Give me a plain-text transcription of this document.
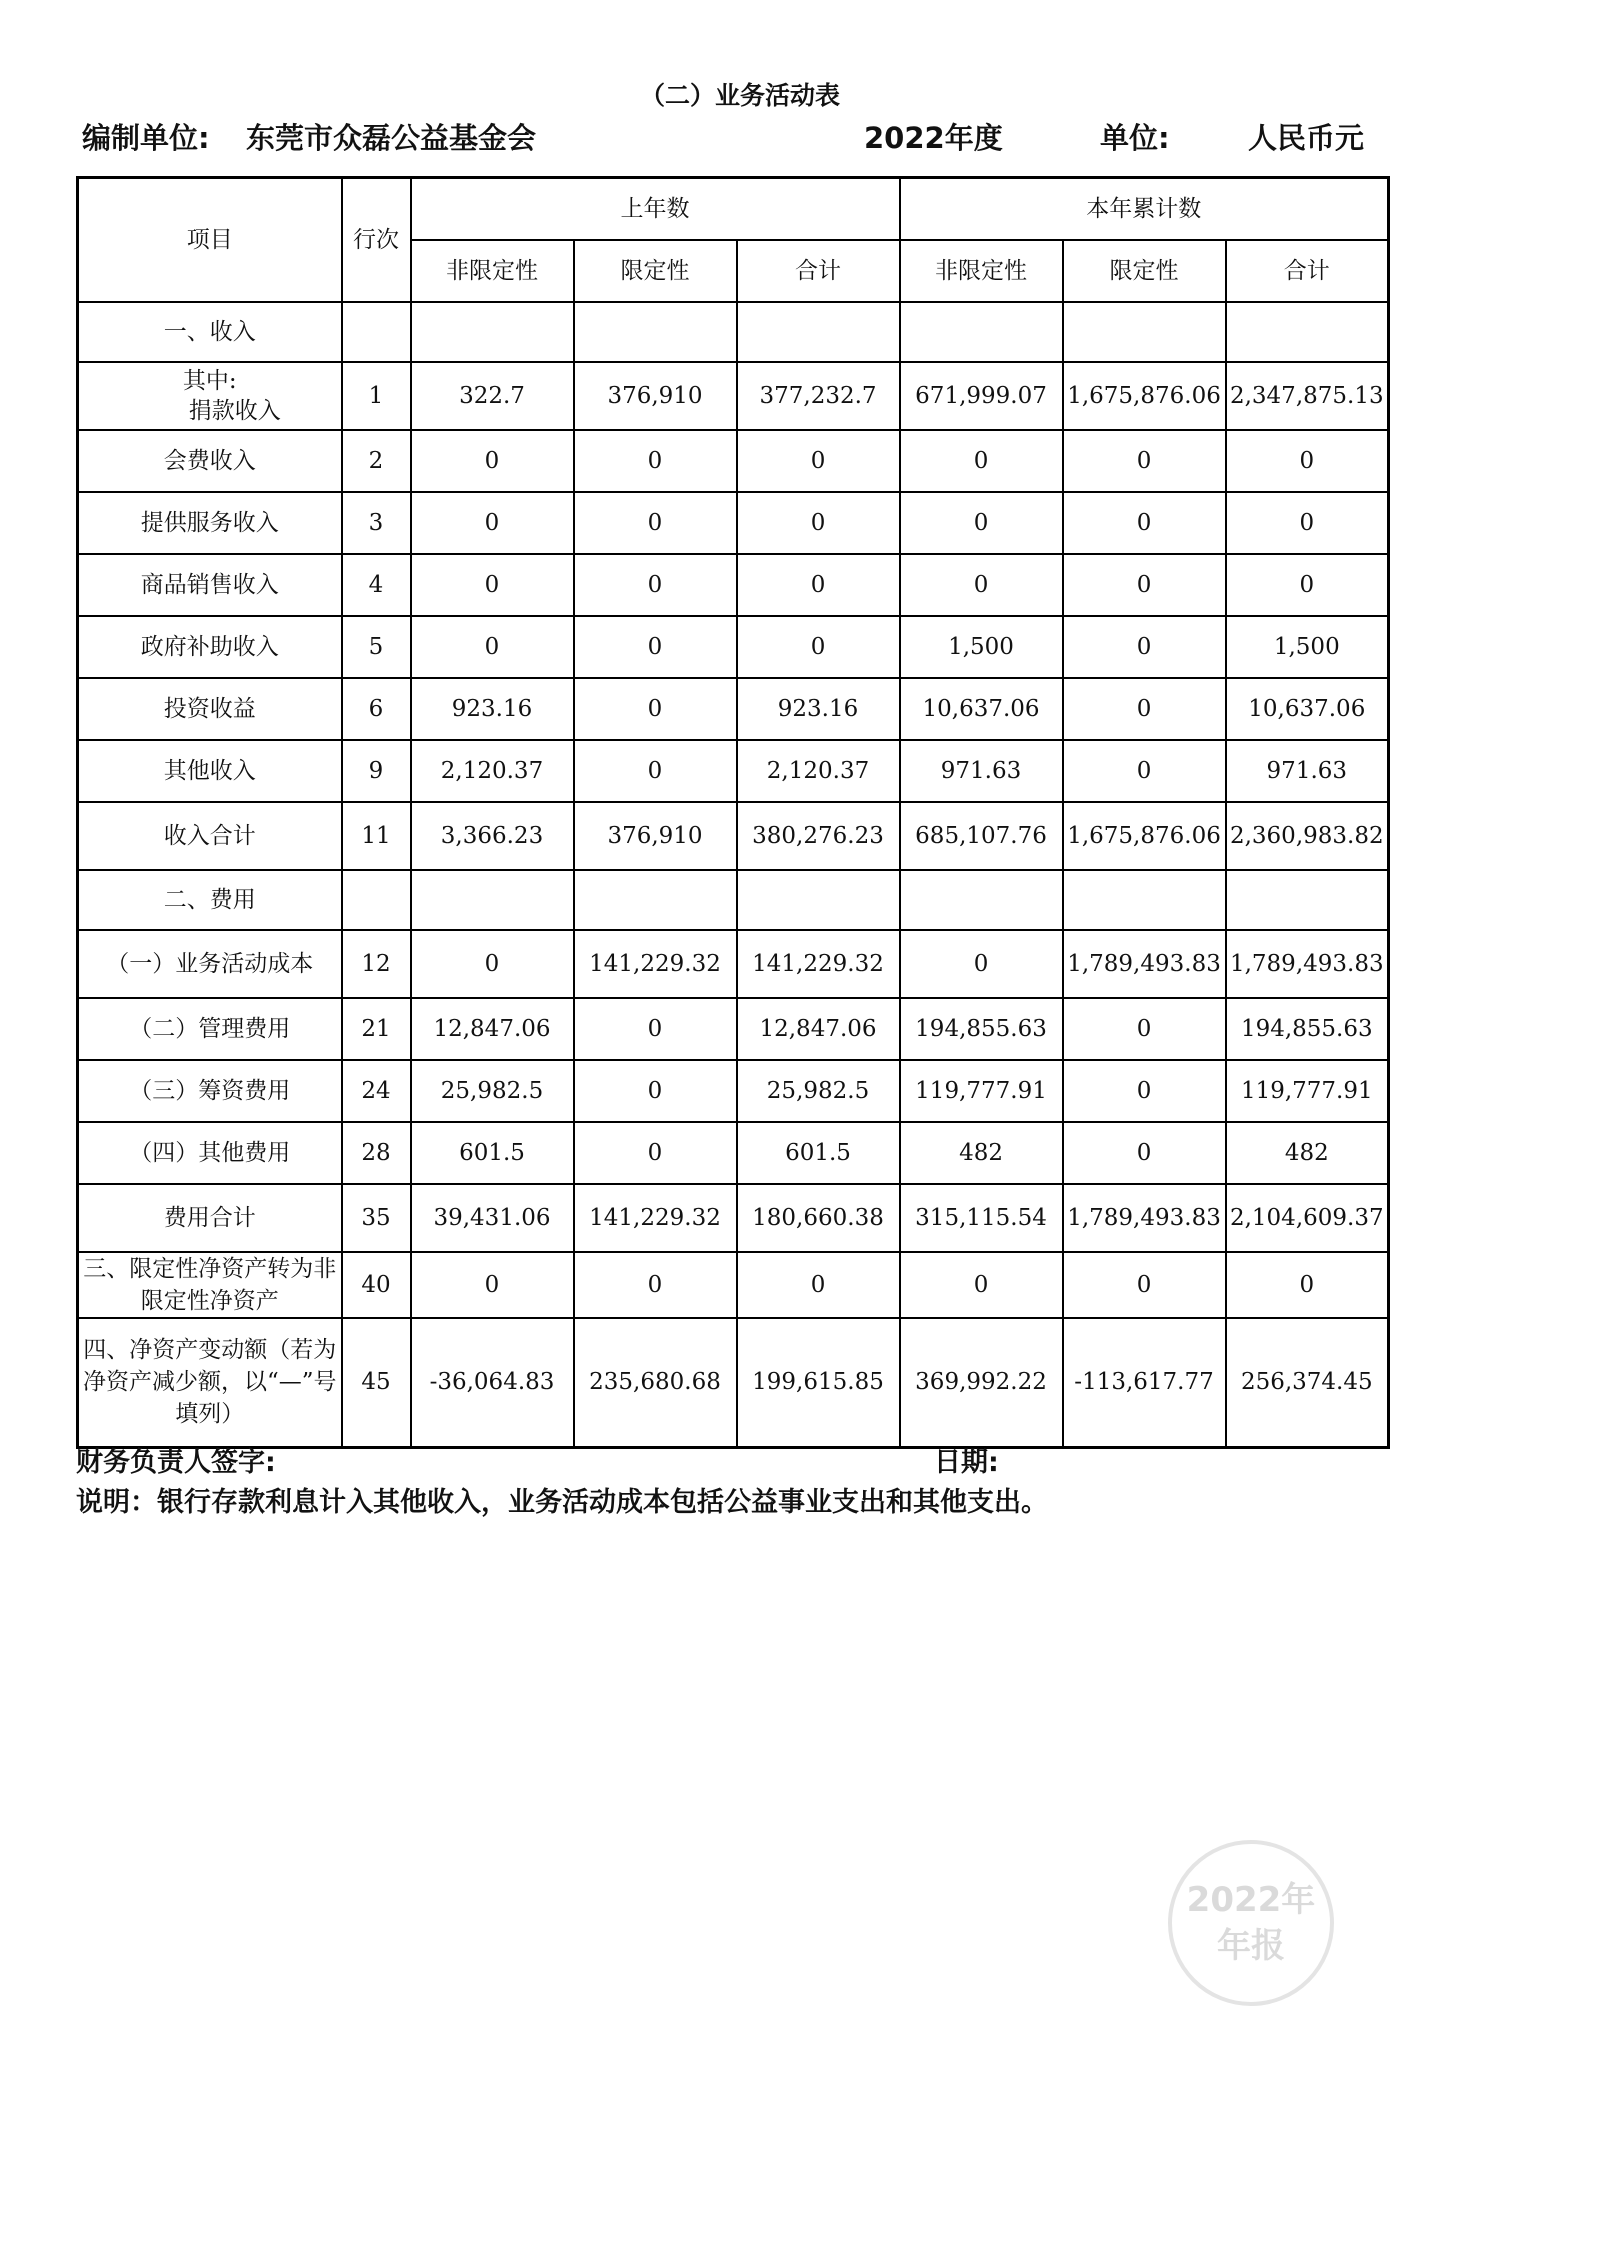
（二）业务活动表
编制单位: 东莞市众磊公益基金会	2022年度	单位:	人民币元
项目	行次	上年数			本年累计数		
		非限定性	限定性	合计	非限定性	限定性	合计
一、收入							

其中:
捐款收入	1	322.7	376,910	377,232.7	671,999.07	1,675,876.06	2,347,875.13
会费收入	2	0	0	0	0	0	0
提供服务收入	3	0	0	0	0	0	0
商品销售收入	4	0	0	0	0	0	0
政府补助收入	5	0	0	0	1,500	0	1,500
投资收益	6	923.16	0	923.16	10,637.06	0	10,637.06
其他收入	9	2,120.37	0	2,120.37	971.63	0	971.63
收入合计	11	3,366.23	376,910	380,276.23	685,107.76	1,675,876.06	2,360,983.82
二、费用							
（一）业务活动成本	12	0	141,229.32	141,229.32	0	1,789,493.83	1,789,493.83
（二）管理费用	21	12,847.06	0	12,847.06	194,855.63	0	194,855.63
（三）筹资费用	24	25,982.5	0	25,982.5	119,777.91	0	119,777.91
（四）其他费用	28	601.5	0	601.5	482	0	482
费用合计	35	39,431.06	141,229.32	180,660.38	315,115.54	1,789,493.83	2,104,609.37
三、限定性净资产转为非限定性净资产	40	0	0	0	0	0	0
四、净资产变动额（若为净资产减少额，以“—”号填列）	45	-36,064.83	235,680.68	199,615.85	369,992.22	-113,617.77	256,374.45
财务负责人签字:	日期:
说明：银行存款利息计入其他收入，业务活动成本包括公益事业支出和其他支出。
2022年
年报
